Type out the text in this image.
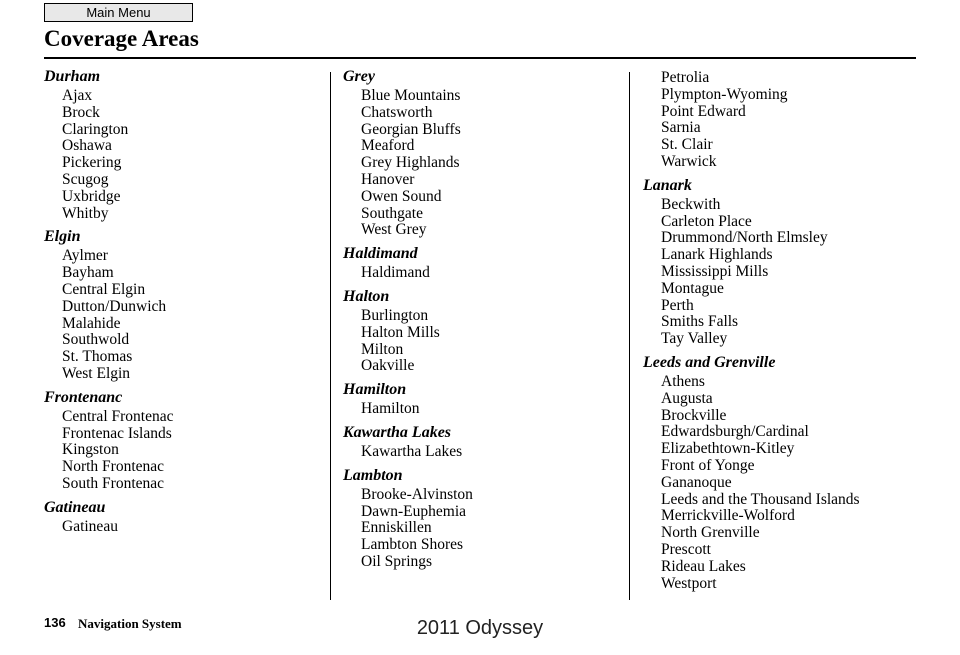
Main Menu
Coverage Areas
Durham
Ajax
Brock
Clarington
Oshawa
Pickering
Scugog
Uxbridge
Whitby
Elgin
Aylmer
Bayham
Central Elgin
Dutton/Dunwich
Malahide
Southwold
St. Thomas
West Elgin
Frontenanc
Central Frontenac
Frontenac Islands
Kingston
North Frontenac
South Frontenac
Gatineau
Gatineau
Grey
Blue Mountains
Chatsworth
Georgian Bluffs
Meaford
Grey Highlands
Hanover
Owen Sound
Southgate
West Grey
Haldimand
Haldimand
Halton
Burlington
Halton Mills
Milton
Oakville
Hamilton
Hamilton
Kawartha Lakes
Kawartha Lakes
Lambton
Brooke-Alvinston
Dawn-Euphemia
Enniskillen
Lambton Shores
Oil Springs
Petrolia
Plympton-Wyoming
Point Edward
Sarnia
St. Clair
Warwick
Lanark
Beckwith
Carleton Place
Drummond/North Elmsley
Lanark Highlands
Mississippi Mills
Montague
Perth
Smiths Falls
Tay Valley
Leeds and Grenville
Athens
Augusta
Brockville
Edwardsburgh/Cardinal
Elizabethtown-Kitley
Front of Yonge
Gananoque
Leeds and the Thousand Islands
Merrickville-Wolford
North Grenville
Prescott
Rideau Lakes
Westport

136 Navigation System	2011 Odyssey
